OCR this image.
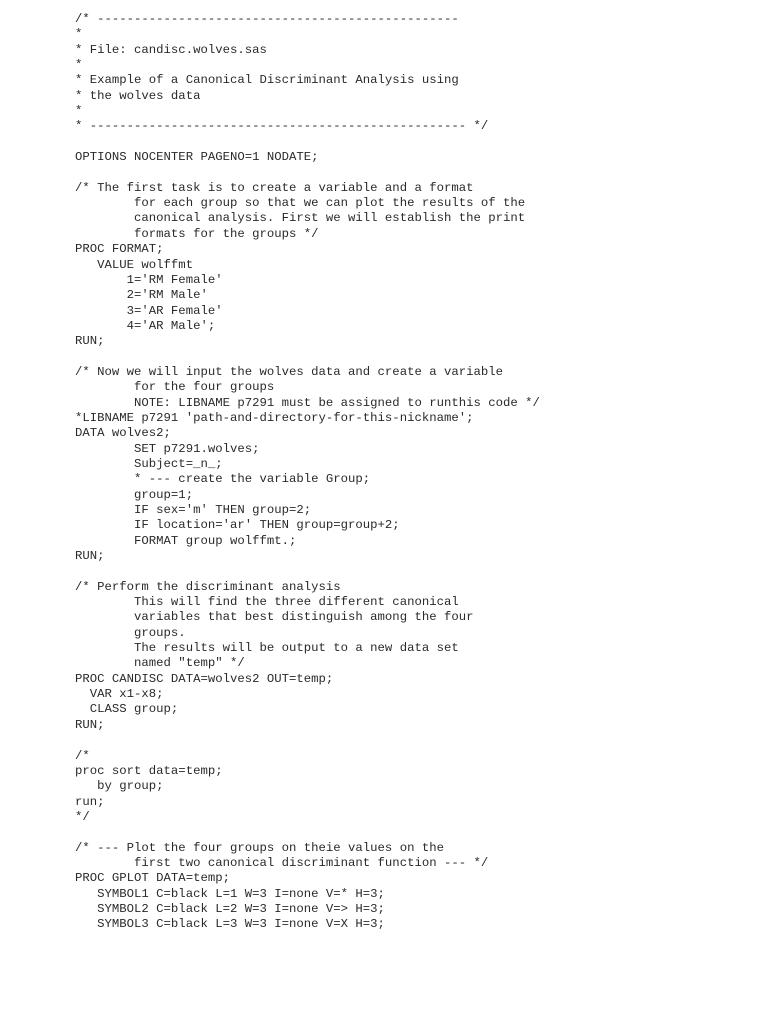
/* -------------------------------------------------
*
* File: candisc.wolves.sas
*
* Example of a Canonical Discriminant Analysis using
* the wolves data
*
* --------------------------------------------------- */
OPTIONS NOCENTER PAGENO=1 NODATE;
/* The first task is to create a variable and a format
for each group so that we can plot the results of the
canonical analysis. First we will establish the print
formats for the groups */
PROC FORMAT;
VALUE wolffmt
1='RM Female'
2='RM Male'
3='AR Female'
4='AR Male';
RUN;
/* Now we will input the wolves data and create a variable
for the four groups
NOTE: LIBNAME p7291 must be assigned to runthis code */
*LIBNAME p7291 'path-and-directory-for-this-nickname';
DATA wolves2;
SET p7291.wolves;
Subject=_n_;
* --- create the variable Group;
group=1;
IF sex='m' THEN group=2;
IF location='ar' THEN group=group+2;
FORMAT group wolffmt.;
RUN;
/* Perform the discriminant analysis
This will find the three different canonical
variables that best distinguish among the four
groups.
The results will be output to a new data set
named "temp" */
PROC CANDISC DATA=wolves2 OUT=temp;
VAR x1-x8;
CLASS group;
RUN;
/*
proc sort data=temp;
by group;
run;
*/
/* --- Plot the four groups on theie values on the
first two canonical discriminant function --- */
PROC GPLOT DATA=temp;
SYMBOL1 C=black L=1 W=3 I=none V=* H=3;
SYMBOL2 C=black L=2 W=3 I=none V=> H=3;
SYMBOL3 C=black L=3 W=3 I=none V=X H=3;
